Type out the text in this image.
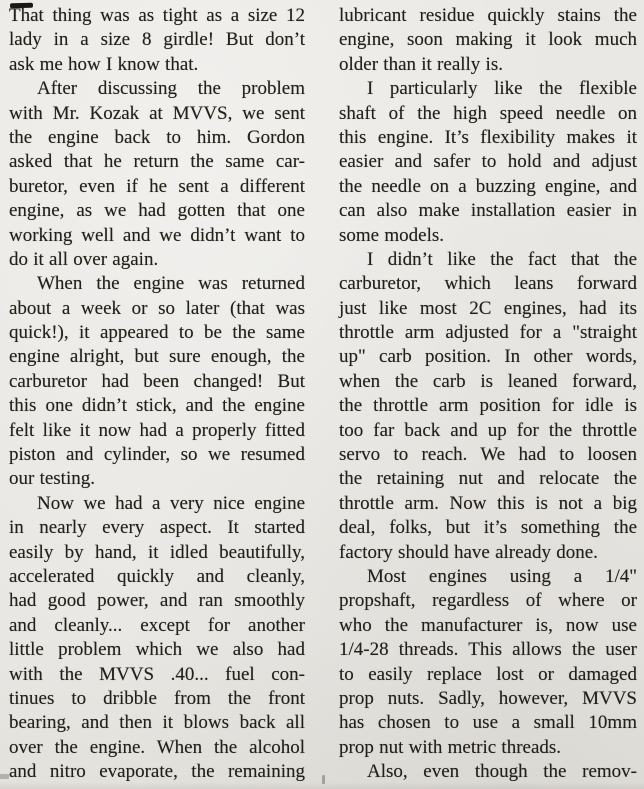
That thing was as tight as a size 12
lady in a size 8 girdle! But don’t
ask me how I know that.
After discussing the problem
with Mr. Kozak at MVVS, we sent
the engine back to him. Gordon
asked that he return the same car-
buretor, even if he sent a different
engine, as we had gotten that one
working well and we didn’t want to
do it all over again.
When the engine was returned
about a week or so later (that was
quick!), it appeared to be the same
engine alright, but sure enough, the
carburetor had been changed! But
this one didn’t stick, and the engine
felt like it now had a properly fitted
piston and cylinder, so we resumed
our testing.
Now we had a very nice engine
in nearly every aspect. It started
easily by hand, it idled beautifully,
accelerated quickly and cleanly,
had good power, and ran smoothly
and cleanly... except for another
little problem which we also had
with the MVVS .40... fuel con-
tinues to dribble from the front
bearing, and then it blows back all
over the engine. When the alcohol
and nitro evaporate, the remaining
lubricant residue quickly stains the
engine, soon making it look much
older than it really is.
I particularly like the flexible
shaft of the high speed needle on
this engine. It’s flexibility makes it
easier and safer to hold and adjust
the needle on a buzzing engine, and
can also make installation easier in
some models.
I didn’t like the fact that the
carburetor, which leans forward
just like most 2C engines, had its
throttle arm adjusted for a "straight
up" carb position. In other words,
when the carb is leaned forward,
the throttle arm position for idle is
too far back and up for the throttle
servo to reach. We had to loosen
the retaining nut and relocate the
throttle arm. Now this is not a big
deal, folks, but it’s something the
factory should have already done.
Most engines using a 1/4"
propshaft, regardless of where or
who the manufacturer is, now use
1/4-28 threads. This allows the user
to easily replace lost or damaged
prop nuts. Sadly, however, MVVS
has chosen to use a small 10mm
prop nut with metric threads.
Also, even though the remov-
